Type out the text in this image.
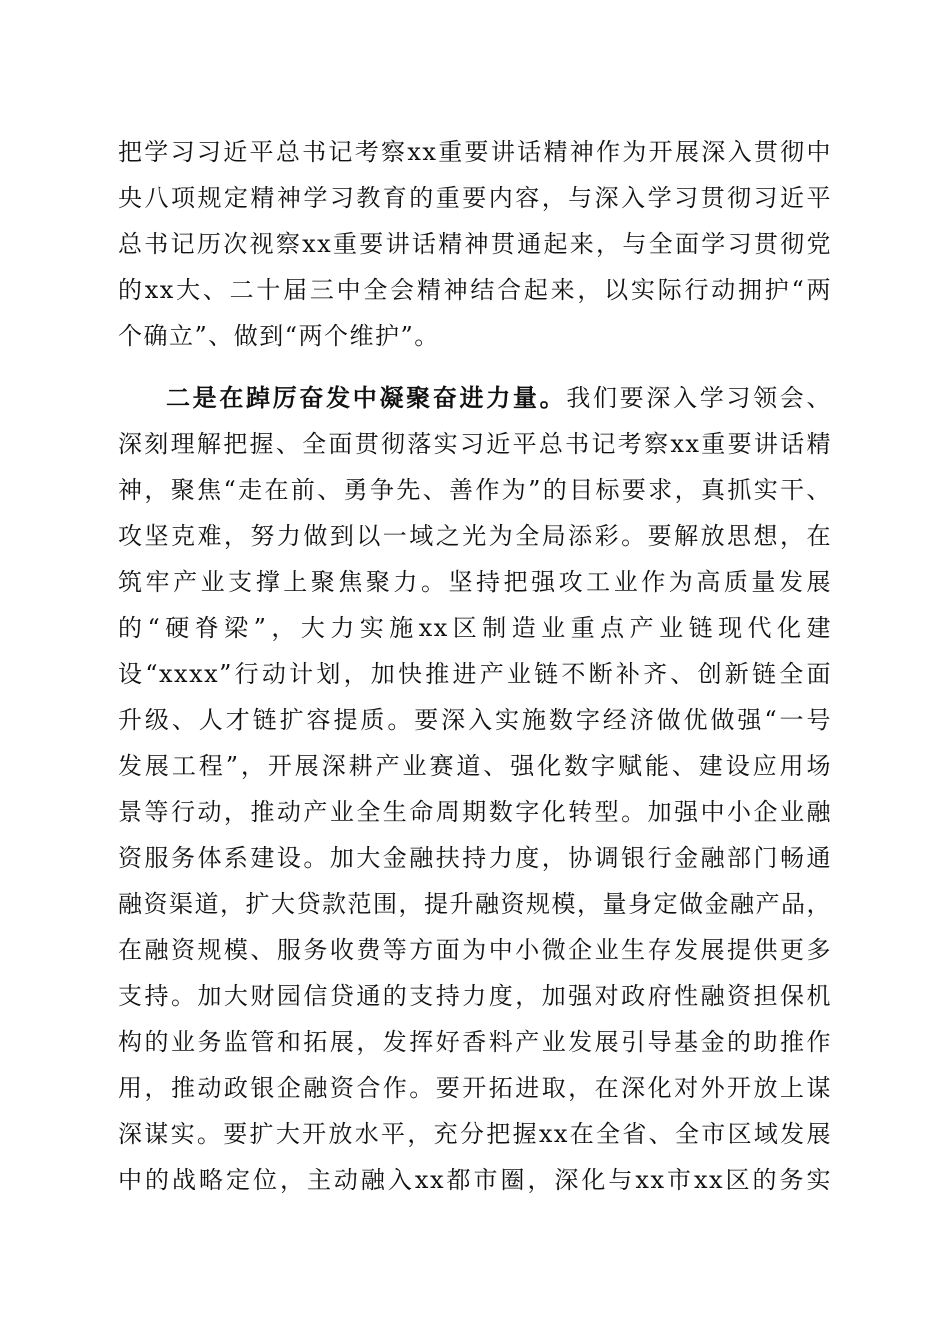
把学习习近平总书记考察xx重要讲话精神作为开展深入贯彻中
央八项规定精神学习教育的重要内容，与深入学习贯彻习近平
总书记历次视察xx重要讲话精神贯通起来，与全面学习贯彻党
的xx大、二十届三中全会精神结合起来，以实际行动拥护“两
个确立”、做到“两个维护”。
二是在踔厉奋发中凝聚奋进力量。我们要深入学习领会、
深刻理解把握、全面贯彻落实习近平总书记考察xx重要讲话精
神，聚焦“走在前、勇争先、善作为”的目标要求，真抓实干、
攻坚克难，努力做到以一域之光为全局添彩。要解放思想，在
筑牢产业支撑上聚焦聚力。坚持把强攻工业作为高质量发展
的“硬脊梁”，大力实施xx区制造业重点产业链现代化建
设“xxxx”行动计划，加快推进产业链不断补齐、创新链全面
升级、人才链扩容提质。要深入实施数字经济做优做强“一号
发展工程”，开展深耕产业赛道、强化数字赋能、建设应用场
景等行动，推动产业全生命周期数字化转型。加强中小企业融
资服务体系建设。加大金融扶持力度，协调银行金融部门畅通
融资渠道，扩大贷款范围，提升融资规模，量身定做金融产品，
在融资规模、服务收费等方面为中小微企业生存发展提供更多
支持。加大财园信贷通的支持力度，加强对政府性融资担保机
构的业务监管和拓展，发挥好香料产业发展引导基金的助推作
用，推动政银企融资合作。要开拓进取，在深化对外开放上谋
深谋实。要扩大开放水平，充分把握xx在全省、全市区域发展
中的战略定位，主动融入xx都市圈，深化与xx市xx区的务实
